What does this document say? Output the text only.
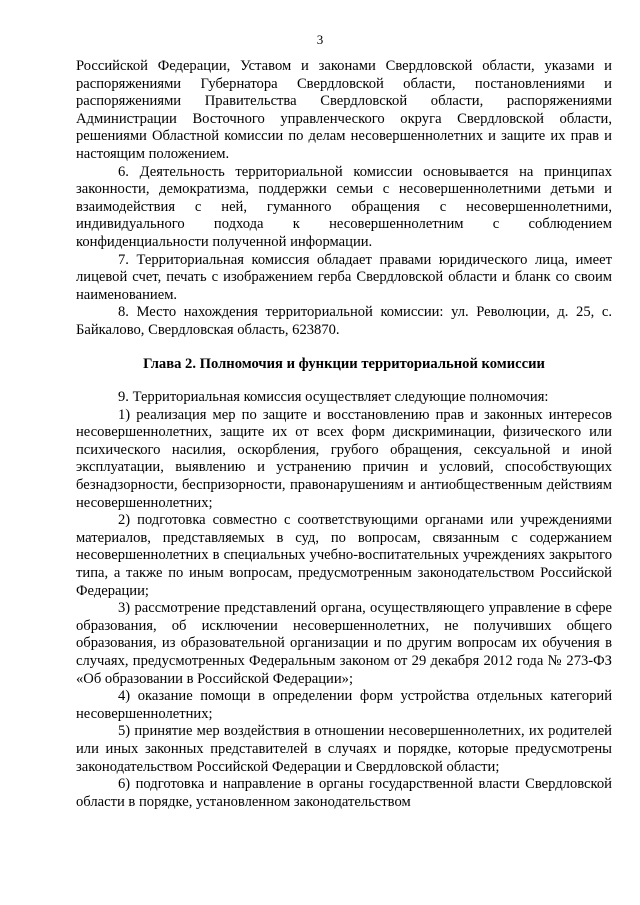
3

Российской Федерации, Уставом и законами Свердловской области, указами и распоряжениями Губернатора Свердловской области, постановлениями и распоряжениями Правительства Свердловской области, распоряжениями Администрации Восточного управленческого округа Свердловской области, решениями Областной комиссии по делам несовершеннолетних и защите их прав и настоящим положением.

6. Деятельность территориальной комиссии основывается на принципах законности, демократизма, поддержки семьи с несовершеннолетними детьми и взаимодействия с ней, гуманного обращения с несовершеннолетними, индивидуального подхода к несовершеннолетним с соблюдением конфиденциальности полученной информации.

7. Территориальная комиссия обладает правами юридического лица, имеет лицевой счет, печать с изображением герба Свердловской области и бланк со своим наименованием.

8. Место нахождения территориальной комиссии: ул. Революции, д. 25, с. Байкалово, Свердловская область, 623870.

Глава 2. Полномочия и функции территориальной комиссии

9. Территориальная комиссия осуществляет следующие полномочия:

1) реализация мер по защите и восстановлению прав и законных интересов несовершеннолетних, защите их от всех форм дискриминации, физического или психического насилия, оскорбления, грубого обращения, сексуальной и иной эксплуатации, выявлению и устранению причин и условий, способствующих безнадзорности, беспризорности, правонарушениям и антиобщественным действиям несовершеннолетних;

2) подготовка совместно с соответствующими органами или учреждениями материалов, представляемых в суд, по вопросам, связанным с содержанием несовершеннолетних в специальных учебно-воспитательных учреждениях закрытого типа, а также по иным вопросам, предусмотренным законодательством Российской Федерации;

3) рассмотрение представлений органа, осуществляющего управление в сфере образования, об исключении несовершеннолетних, не получивших общего образования, из образовательной организации и по другим вопросам их обучения в случаях, предусмотренных Федеральным законом от 29 декабря 2012 года № 273-ФЗ «Об образовании в Российской Федерации»;

4) оказание помощи в определении форм устройства отдельных категорий несовершеннолетних;

5) принятие мер воздействия в отношении несовершеннолетних, их родителей или иных законных представителей в случаях и порядке, которые предусмотрены законодательством Российской Федерации и Свердловской области;

6) подготовка и направление в органы государственной власти Свердловской области в порядке, установленном законодательством
